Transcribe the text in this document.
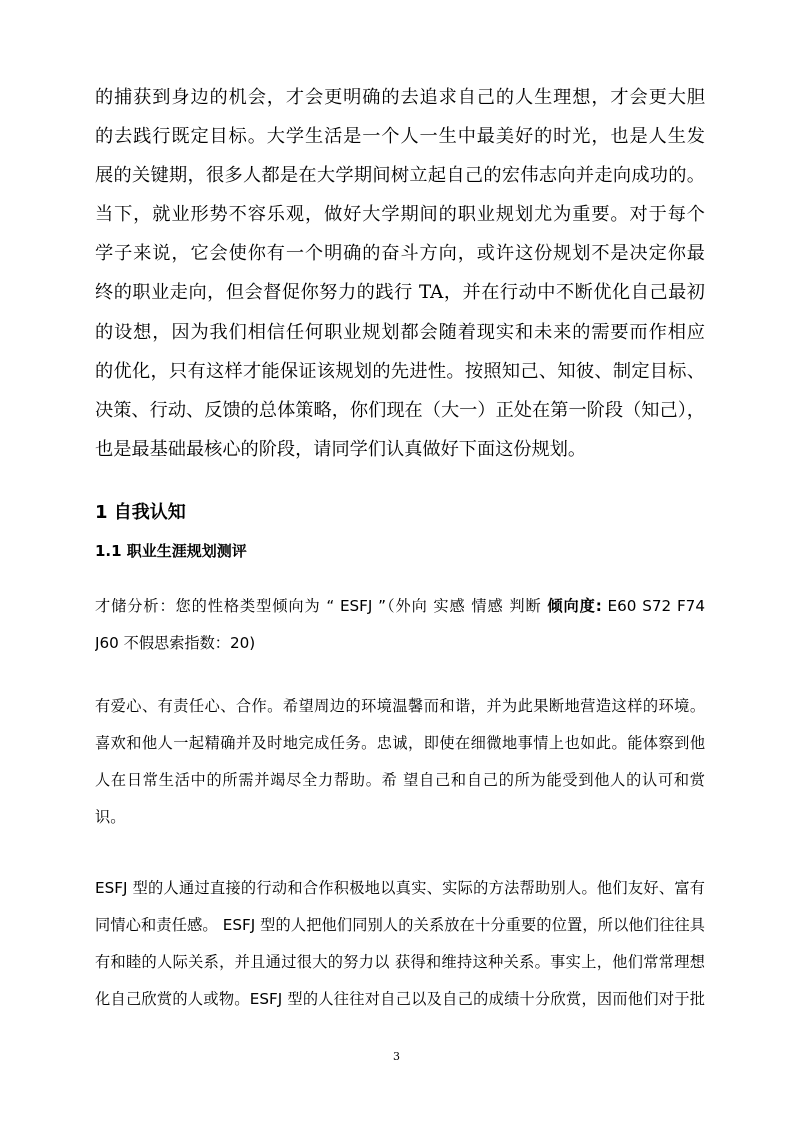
的捕获到身边的机会，才会更明确的去追求自己的人生理想，才会更大胆
的去践行既定目标。大学生活是一个人一生中最美好的时光，也是人生发
展的关键期，很多人都是在大学期间树立起自己的宏伟志向并走向成功的。
当下，就业形势不容乐观，做好大学期间的职业规划尤为重要。对于每个
学子来说，它会使你有一个明确的奋斗方向，或许这份规划不是决定你最
终的职业走向，但会督促你努力的践行 TA，并在行动中不断优化自己最初
的设想，因为我们相信任何职业规划都会随着现实和未来的需要而作相应
的优化，只有这样才能保证该规划的先进性。按照知己、知彼、制定目标、
决策、行动、反馈的总体策略，你们现在（大一）正处在第一阶段（知己），
也是最基础最核心的阶段，请同学们认真做好下面这份规划。
1 自我认知
1.1 职业生涯规划测评
才储分析：您的性格类型倾向为 “ ESFJ ”（外向 实感 情感 判断 倾向度: E60 S72 F74
J60 不假思索指数：20)
有爱心、有责任心、合作。希望周边的环境温馨而和谐，并为此果断地营造这样的环境。
喜欢和他人一起精确并及时地完成任务。忠诚，即使在细微地事情上也如此。能体察到他
人在日常生活中的所需并竭尽全力帮助。希 望自己和自己的所为能受到他人的认可和赏
识。
ESFJ 型的人通过直接的行动和合作积极地以真实、实际的方法帮助别人。他们友好、富有
同情心和责任感。 ESFJ 型的人把他们同别人的关系放在十分重要的位置，所以他们往往具
有和睦的人际关系，并且通过很大的努力以 获得和维持这种关系。事实上，他们常常理想
化自己欣赏的人或物。ESFJ 型的人往往对自己以及自己的成绩十分欣赏，因而他们对于批
3
